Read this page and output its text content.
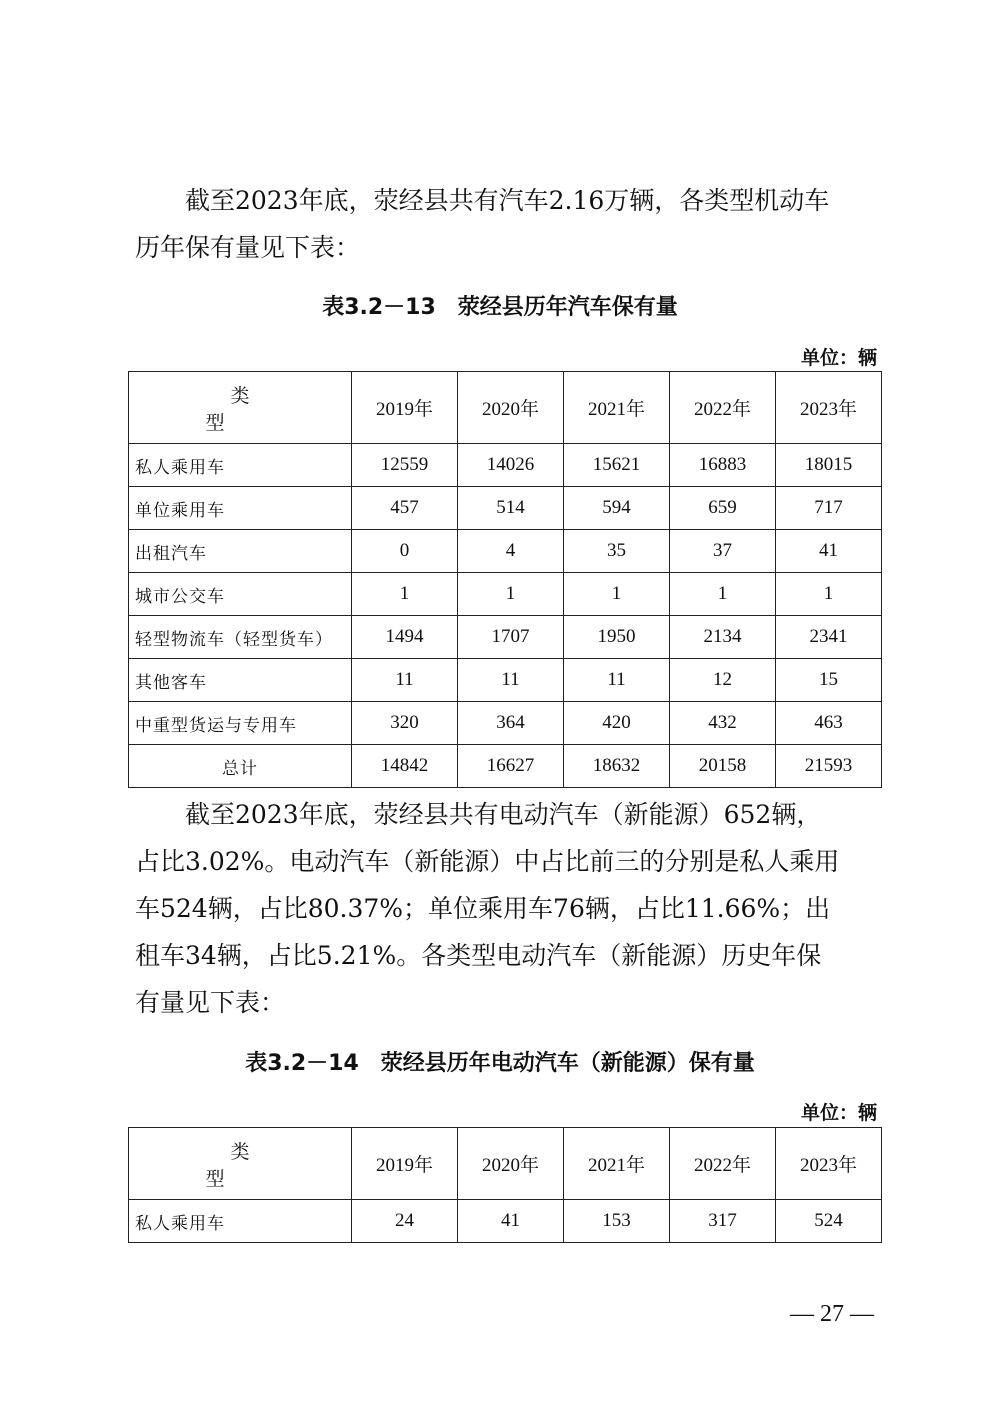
截至2023年底，荥经县共有汽车2.16万辆，各类型机动车
历年保有量见下表：
表3.2－13　荥经县历年汽车保有量
单位：辆
类　型	2019年	2020年	2021年	2022年	2023年
私人乘用车	12559	14026	15621	16883	18015
单位乘用车	457	514	594	659	717
出租汽车	0	4	35	37	41
城市公交车	1	1	1	1	1
轻型物流车（轻型货车）	1494	1707	1950	2134	2341
其他客车	11	11	11	12	15
中重型货运与专用车	320	364	420	432	463
总计	14842	16627	18632	20158	21593
截至2023年底，荥经县共有电动汽车（新能源）652辆，
占比3.02%。电动汽车（新能源）中占比前三的分别是私人乘用
车524辆，占比80.37%；单位乘用车76辆，占比11.66%；出
租车34辆，占比5.21%。各类型电动汽车（新能源）历史年保
有量见下表：
表3.2－14　荥经县历年电动汽车（新能源）保有量
单位：辆
类　型	2019年	2020年	2021年	2022年	2023年
私人乘用车	24	41	153	317	524
— 27 —
